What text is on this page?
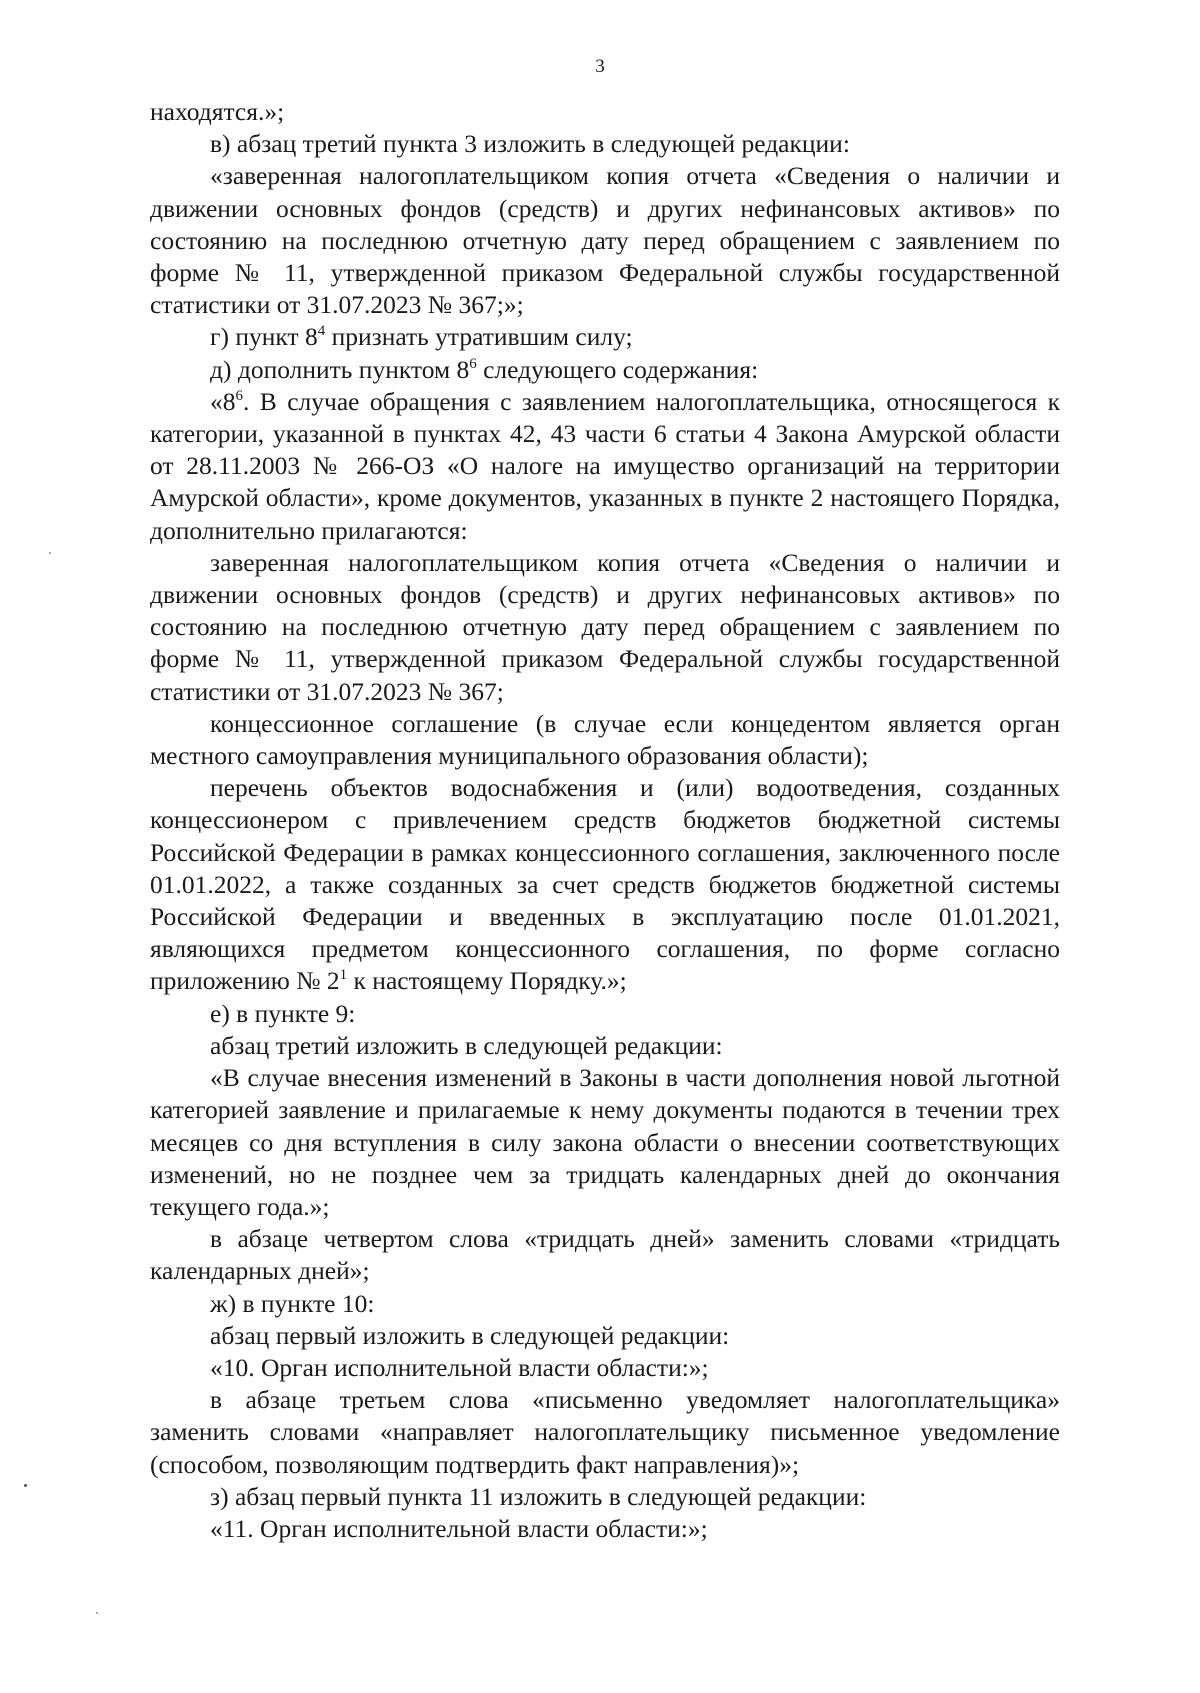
3

находятся.»;

в) абзац третий пункта 3 изложить в следующей редакции:

«заверенная налогоплательщиком копия отчета «Сведения о наличии и движении основных фондов (средств) и других нефинансовых активов» по состоянию на последнюю отчетную дату перед обращением с заявлением по форме № 11, утвержденной приказом Федеральной службы государственной статистики от 31.07.2023 № 367;»;

г) пункт $8^4$ признать утратившим силу;

д) дополнить пунктом $8^6$ следующего содержания:

«$8^6$. В случае обращения с заявлением налогоплательщика, относящегося к категории, указанной в пунктах 42, 43 части 6 статьи 4 Закона Амурской области от 28.11.2003 № 266-ОЗ «О налоге на имущество организаций на территории Амурской области», кроме документов, указанных в пункте 2 настоящего Порядка, дополнительно прилагаются:

заверенная налогоплательщиком копия отчета «Сведения о наличии и движении основных фондов (средств) и других нефинансовых активов» по состоянию на последнюю отчетную дату перед обращением с заявлением по форме № 11, утвержденной приказом Федеральной службы государственной статистики от 31.07.2023 № 367;

концессионное соглашение (в случае если концедентом является орган местного самоуправления муниципального образования области);

перечень объектов водоснабжения и (или) водоотведения, созданных концессионером с привлечением средств бюджетов бюджетной системы Российской Федерации в рамках концессионного соглашения, заключенного после 01.01.2022, а также созданных за счет средств бюджетов бюджетной системы Российской Федерации и введенных в эксплуатацию после 01.01.2021, являющихся предметом концессионного соглашения, по форме согласно приложению № $2^1$ к настоящему Порядку.»;

е) в пункте 9:

абзац третий изложить в следующей редакции:

«В случае внесения изменений в Законы в части дополнения новой льготной категорией заявление и прилагаемые к нему документы подаются в течении трех месяцев со дня вступления в силу закона области о внесении соответствующих изменений, но не позднее чем за тридцать календарных дней до окончания текущего года.»;

в абзаце четвертом слова «тридцать дней» заменить словами «тридцать календарных дней»;

ж) в пункте 10:

абзац первый изложить в следующей редакции:

«10. Орган исполнительной власти области:»;

в абзаце третьем слова «письменно уведомляет налогоплательщика» заменить словами «направляет налогоплательщику письменное уведомление (способом, позволяющим подтвердить факт направления)»;

з) абзац первый пункта 11 изложить в следующей редакции:

«11. Орган исполнительной власти области:»;
